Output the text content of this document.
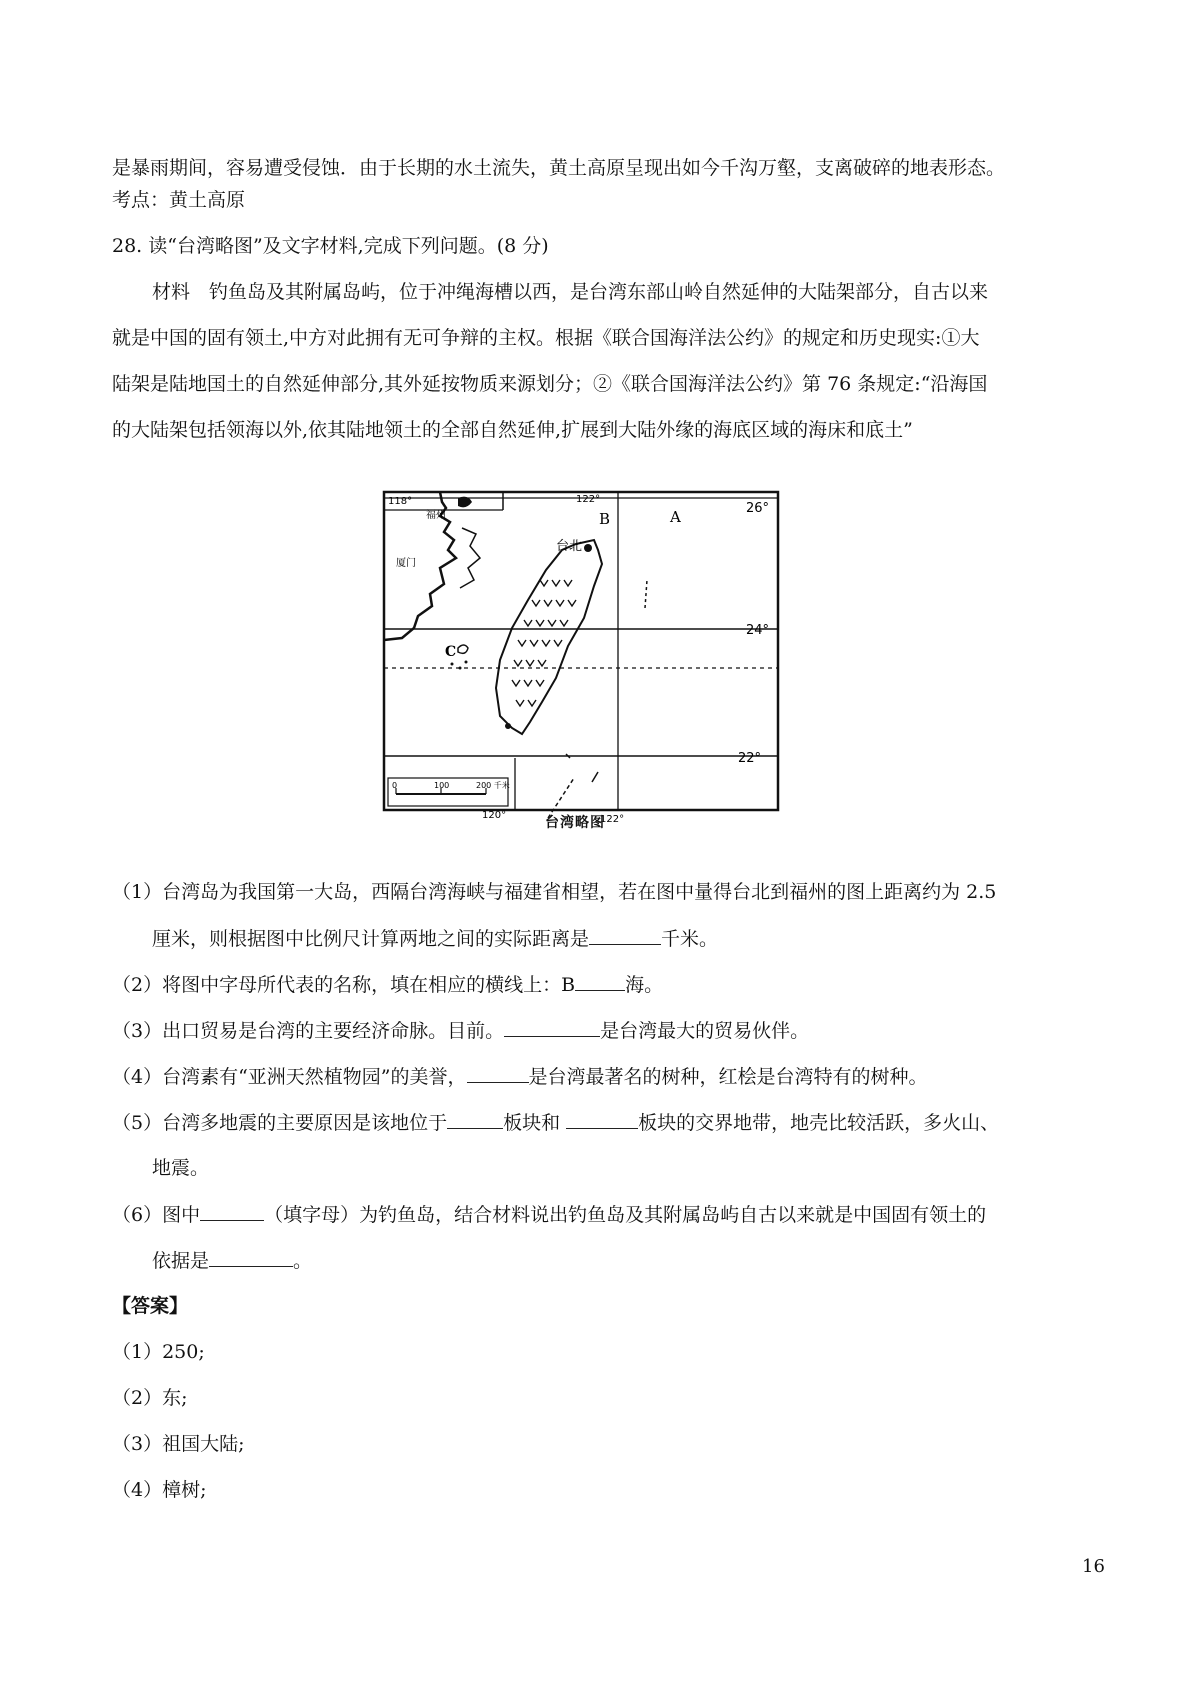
是暴雨期间，容易遭受侵蚀．由于长期的水土流失，黄土高原呈现出如今千沟万壑，支离破碎的地表形态。
考点：黄土高原
28. 读“台湾略图”及文字材料,完成下列问题。(8 分)
材料　钓鱼岛及其附属岛屿，位于冲绳海槽以西，是台湾东部山岭自然延伸的大陆架部分，自古以来
就是中国的固有领土,中方对此拥有无可争辩的主权。根据《联合国海洋法公约》的规定和历史现实:①大
陆架是陆地国土的自然延伸部分,其外延按物质来源划分；②《联合国海洋法公约》第 76 条规定:“沿海国
的大陆架包括领海以外,依其陆地领土的全部自然延伸,扩展到大陆外缘的海底区域的海床和底土”
118°	122°
120°	122°
26°
24°
22°
A
B
C
福州
厦门
台北
0	100	200 千米
台湾略图
（1）台湾岛为我国第一大岛，西隔台湾海峡与福建省相望，若在图中量得台北到福州的图上距离约为 2.5
厘米，则根据图中比例尺计算两地之间的实际距离是	千米。
（2）将图中字母所代表的名称，填在相应的横线上：B	海。
（3）出口贸易是台湾的主要经济命脉。目前。	是台湾最大的贸易伙伴。
（4）台湾素有“亚洲天然植物园”的美誉，	是台湾最著名的树种，红桧是台湾特有的树种。
（5）台湾多地震的主要原因是该地位于	板块和	板块的交界地带，地壳比较活跃，多火山、
地震。
（6）图中	（填字母）为钓鱼岛，结合材料说出钓鱼岛及其附属岛屿自古以来就是中国固有领土的
依据是	。
【答案】
（1）250;
（2）东;
（3）祖国大陆;
（4）樟树;
16
